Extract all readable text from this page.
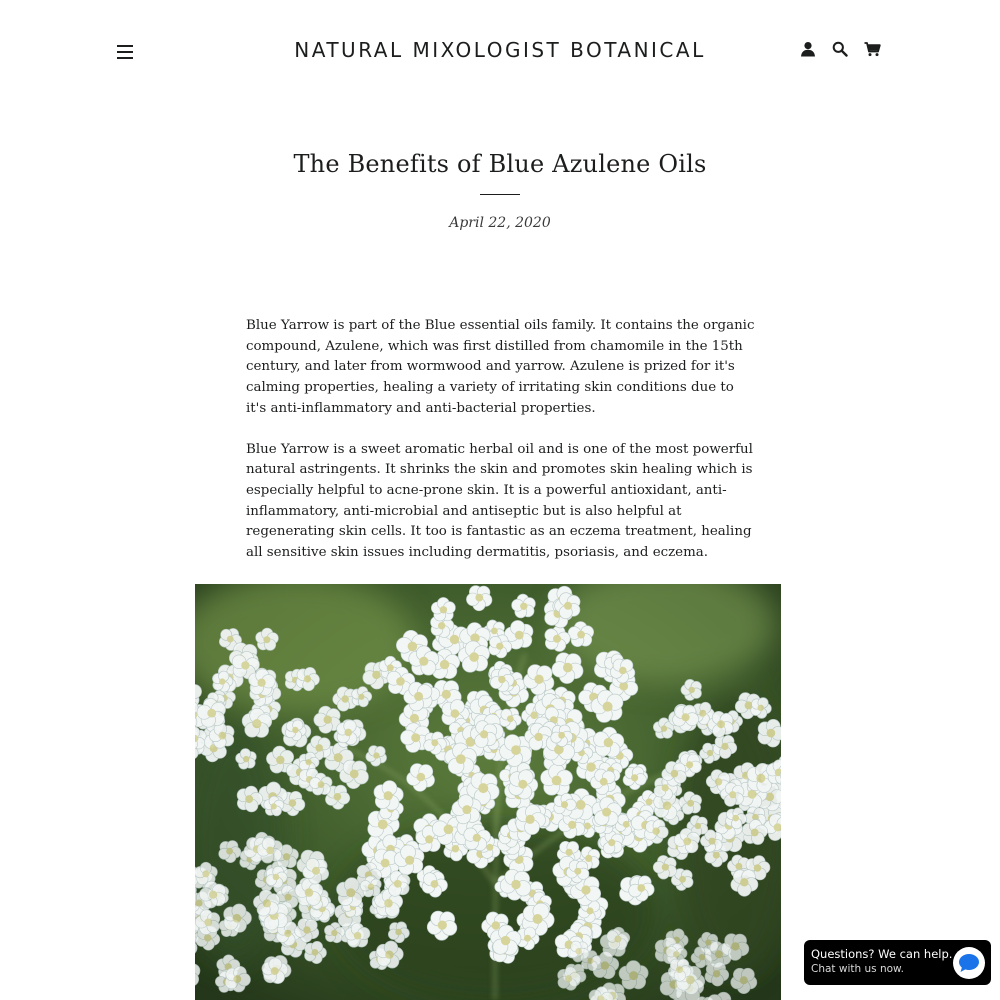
NATURAL MIXOLOGIST BOTANICAL
The Benefits of Blue Azulene Oils
April 22, 2020

Blue Yarrow is part of the Blue essential oils family. It contains the organic compound, Azulene, which was first distilled from chamomile in the 15th century, and later from wormwood and yarrow. Azulene is prized for it's calming properties, healing a variety of irritating skin conditions due to it's anti-inflammatory and anti-bacterial properties.

Blue Yarrow is a sweet aromatic herbal oil and is one of the most powerful natural astringents. It shrinks the skin and promotes skin healing which is especially helpful to acne-prone skin. It is a powerful antioxidant, anti-inflammatory, anti-microbial and antiseptic but is also helpful at regenerating skin cells. It too is fantastic as an eczema treatment, healing all sensitive skin issues including dermatitis, psoriasis, and eczema.

Questions? We can help.
Chat with us now.
